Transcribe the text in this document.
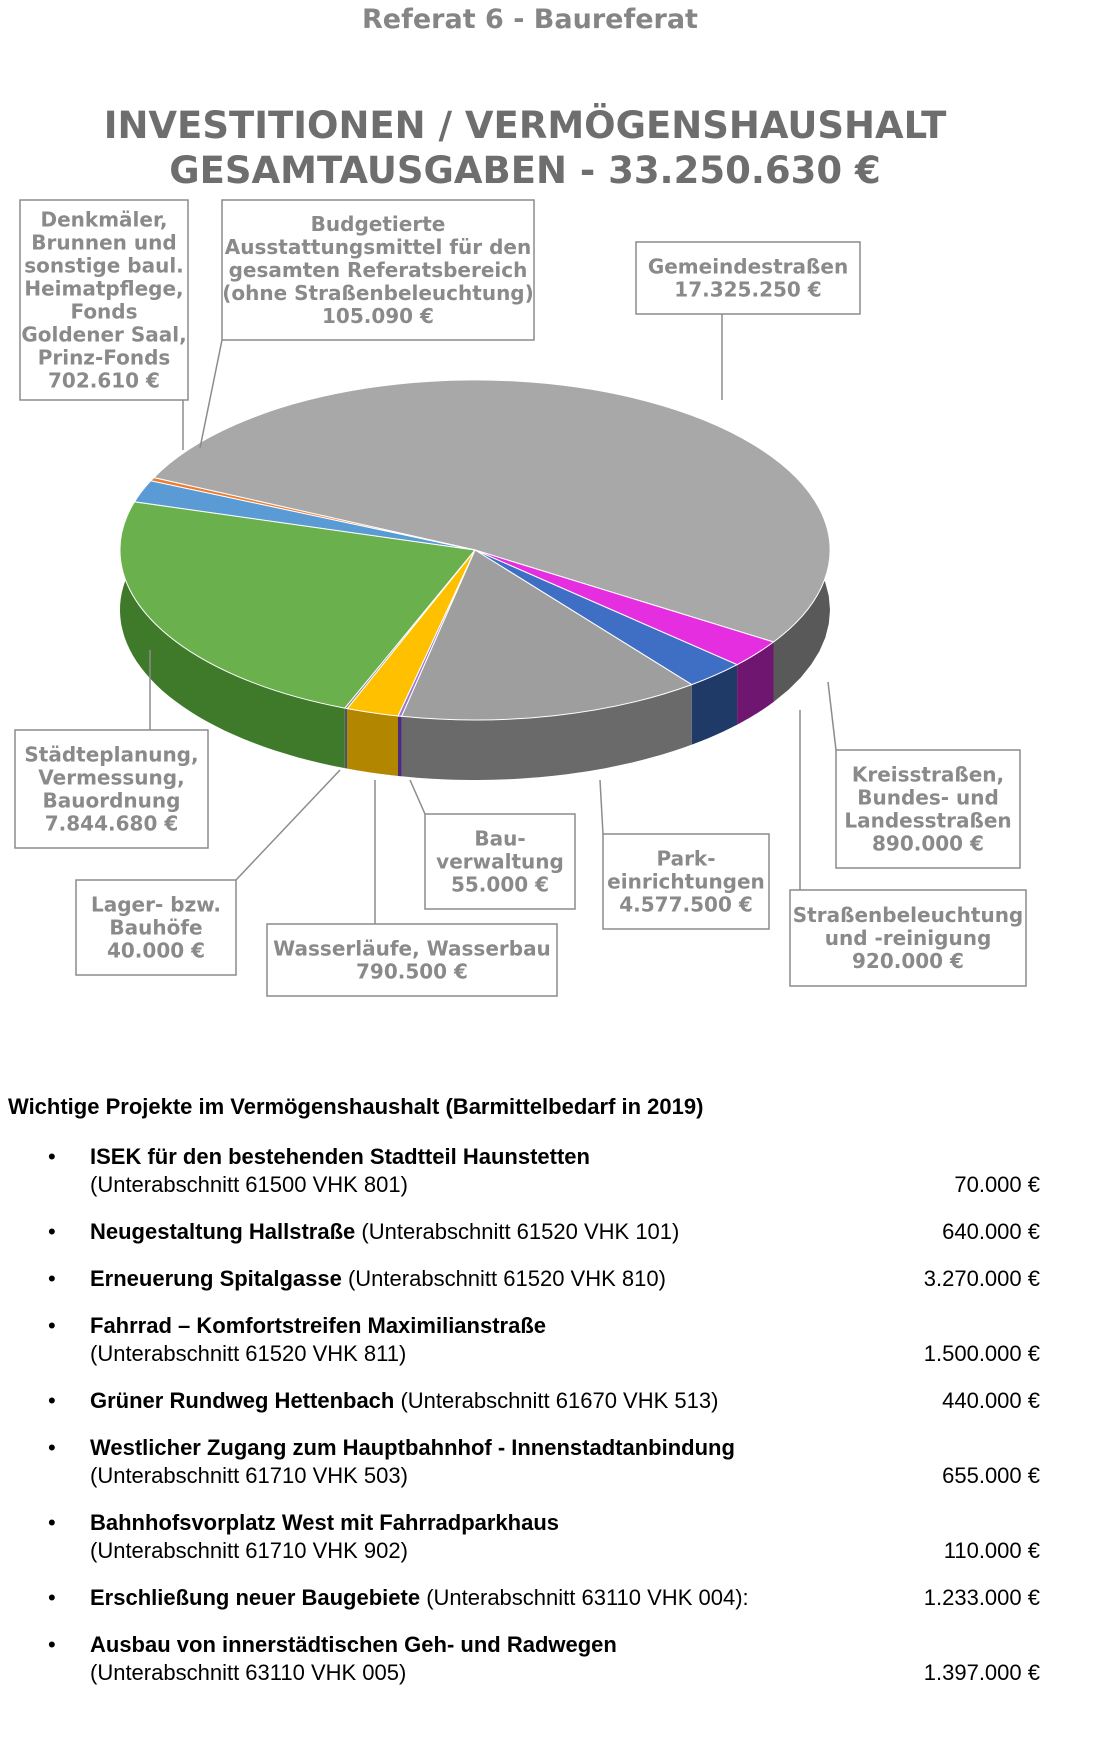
Referat 6 - Baureferat
INVESTITIONEN / VERMÖGENSHAUSHALT
GESAMTAUSGABEN - 33.250.630 €
Gemeindestraßen
17.325.250 €
Kreisstraßen,
Bundes- und
Landesstraßen
890.000 €
Straßenbeleuchtung
und -reinigung
920.000 €
Park-
einrichtungen
4.577.500 €
Bau-
verwaltung
55.000 €
Wasserläufe, Wasserbau
790.500 €
Lager- bzw.
Bauhöfe
40.000 €
Städteplanung,
Vermessung,
Bauordnung
7.844.680 €
Denkmäler,
Brunnen und
sonstige baul.
Heimatpflege,
Fonds
Goldener Saal,
Prinz-Fonds
702.610 €
Budgetierte
Ausstattungsmittel für den
gesamten Referatsbereich
(ohne Straßenbeleuchtung)
105.090 €
Wichtige Projekte im Vermögenshaushalt (Barmittelbedarf in 2019)
• ISEK für den bestehenden Stadtteil Haunstetten
(Unterabschnitt 61500 VHK 801)	70.000 €
• Neugestaltung Hallstraße (Unterabschnitt 61520 VHK 101)	640.000 €
• Erneuerung Spitalgasse (Unterabschnitt 61520 VHK 810)	3.270.000 €
• Fahrrad – Komfortstreifen Maximilianstraße
(Unterabschnitt 61520 VHK 811)	1.500.000 €
• Grüner Rundweg Hettenbach (Unterabschnitt 61670 VHK 513)	440.000 €
• Westlicher Zugang zum Hauptbahnhof - Innenstadtanbindung
(Unterabschnitt 61710 VHK 503)	655.000 €
• Bahnhofsvorplatz West mit Fahrradparkhaus
(Unterabschnitt 61710 VHK 902)	110.000 €
• Erschließung neuer Baugebiete (Unterabschnitt 63110 VHK 004):	1.233.000 €
• Ausbau von innerstädtischen Geh- und Radwegen
(Unterabschnitt 63110 VHK 005)	1.397.000 €
